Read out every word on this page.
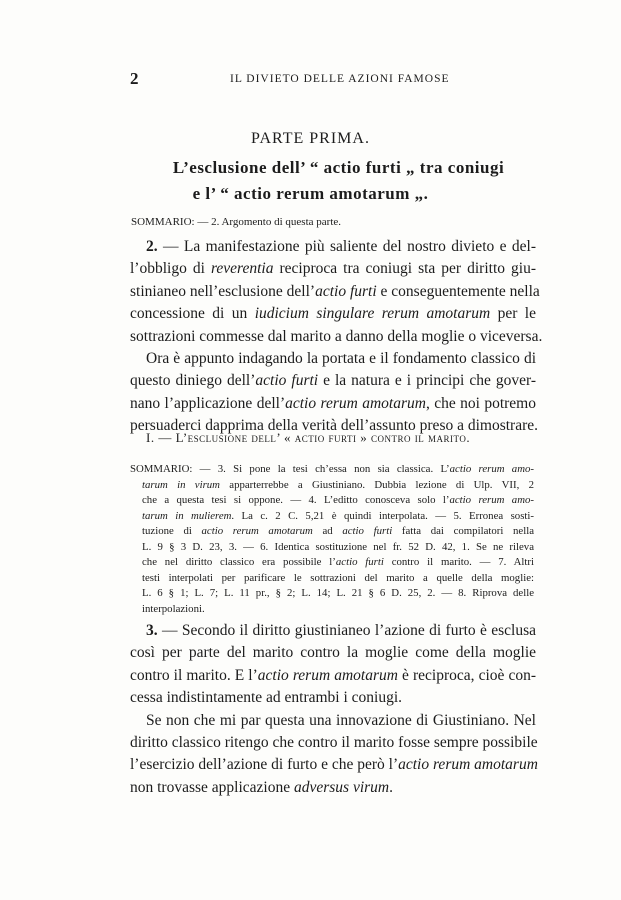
2	IL DIVIETO DELLE AZIONI FAMOSE
PARTE PRIMA.
L’esclusione dell’ “ actio furti „ tra coniugi
e l’ “ actio rerum amotarum „.
SOMMARIO: — 2. Argomento di questa parte.
2. — La manifestazione più saliente del nostro divieto e del-
l’obbligo di reverentia reciproca tra coniugi sta per diritto giu-
stinianeo nell’esclusione dell’actio furti e conseguentemente nella
concessione di un iudicium singulare rerum amotarum per le
sottrazioni commesse dal marito a danno della moglie o viceversa.
Ora è appunto indagando la portata e il fondamento classico di
questo diniego dell’actio furti e la natura e i principi che gover-
nano l’applicazione dell’actio rerum amotarum, che noi potremo
persuaderci dapprima della verità dell’assunto preso a dimostrare.
I. — L’esclusione dell’ « actio furti » contro il marito.
SOMMARIO: — 3. Si pone la tesi ch’essa non sia classica. L’actio rerum amo-
tarum in virum apparterrebbe a Giustiniano. Dubbia lezione di Ulp. VII, 2
che a questa tesi si oppone. — 4. L’editto conosceva solo l’actio rerum amo-
tarum in mulierem. La c. 2 C. 5,21 è quindi interpolata. — 5. Erronea sosti-
tuzione di actio rerum amotarum ad actio furti fatta dai compilatori nella
L. 9 § 3 D. 23, 3. — 6. Identica sostituzione nel fr. 52 D. 42, 1. Se ne rileva
che nel diritto classico era possibile l’actio furti contro il marito. — 7. Altri
testi interpolati per parificare le sottrazioni del marito a quelle della moglie:
L. 6 § 1; L. 7; L. 11 pr., § 2; L. 14; L. 21 § 6 D. 25, 2. — 8. Riprova delle
interpolazioni.
3. — Secondo il diritto giustinianeo l’azione di furto è esclusa
così per parte del marito contro la moglie come della moglie
contro il marito. E l’actio rerum amotarum è reciproca, cioè con-
cessa indistintamente ad entrambi i coniugi.
Se non che mi par questa una innovazione di Giustiniano. Nel
diritto classico ritengo che contro il marito fosse sempre possibile
l’esercizio dell’azione di furto e che però l’actio rerum amotarum
non trovasse applicazione adversus virum.
